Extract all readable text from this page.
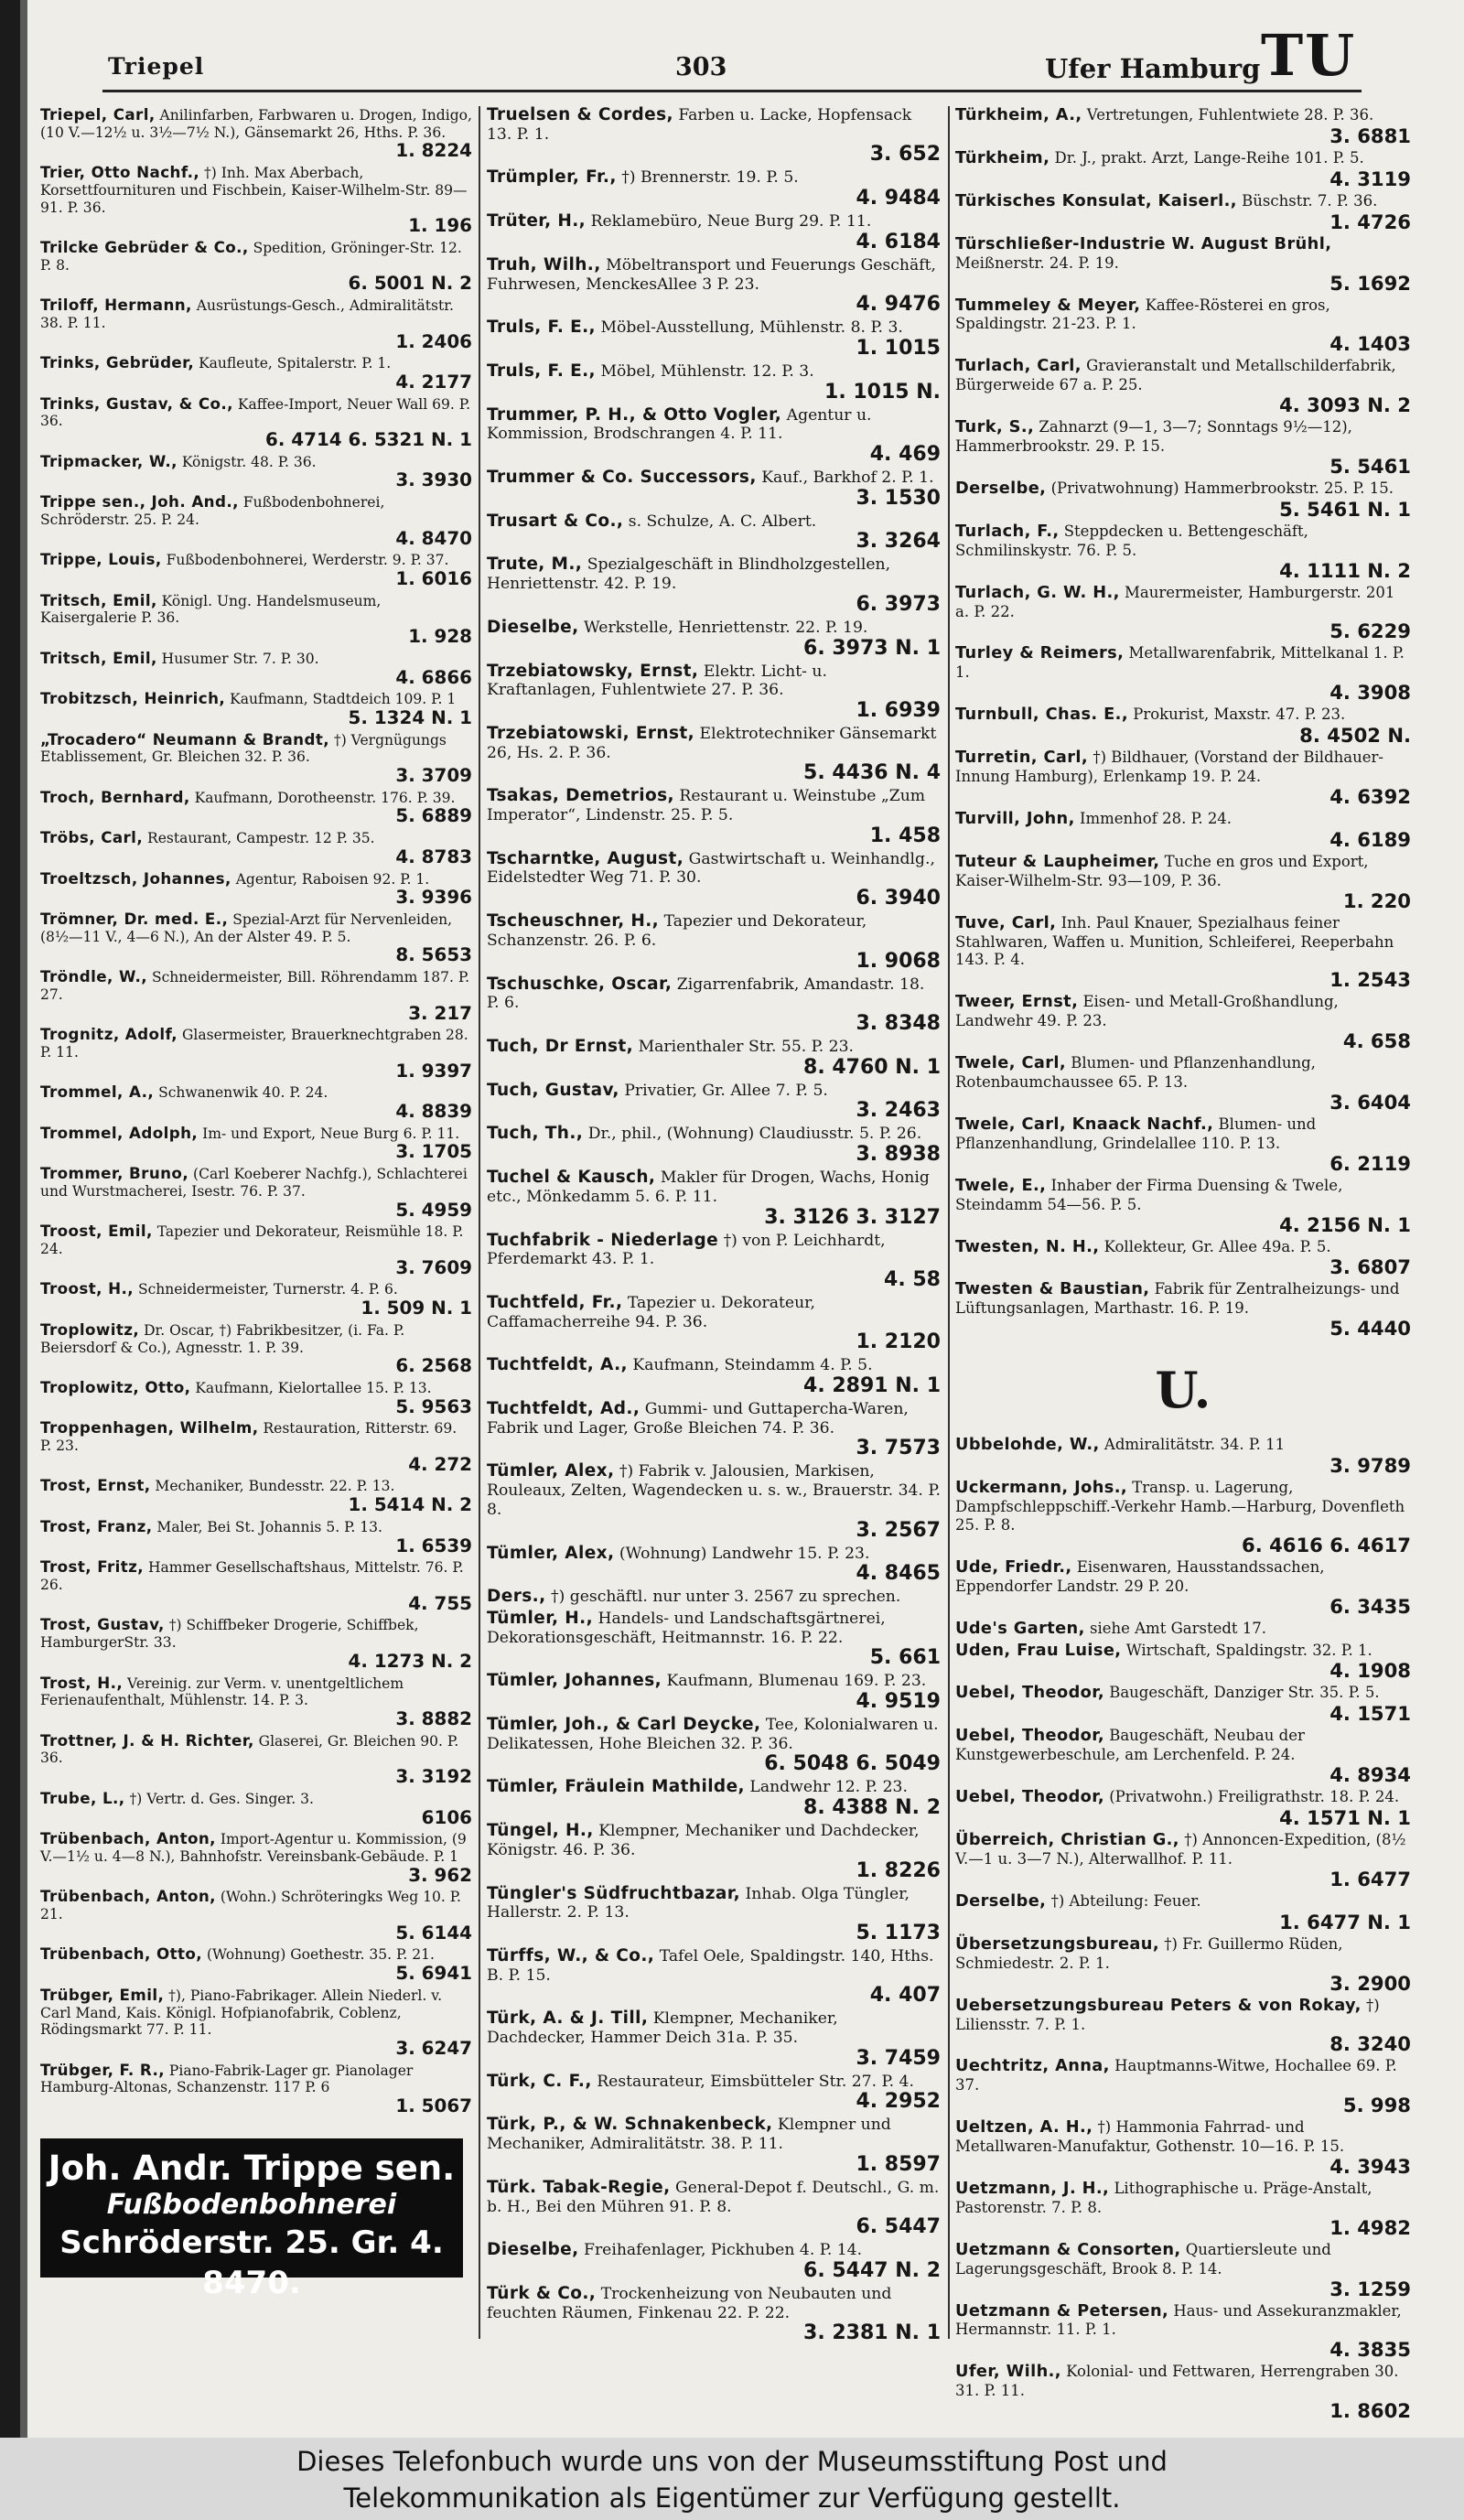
Triepel	303	Ufer Hamburg TU
Triepel, Carl, Anilinfarben, Farbwaren u. Drogen, Indigo, (10 V.—12½ u. 3½—7½ N.), Gänsemarkt 26, Hths. P. 36.
1. 8224
Trier, Otto Nachf., †) Inh. Max Aberbach, Korsettfournituren und Fischbein, Kaiser-Wilhelm-Str. 89—91. P. 36.
1. 196
Trilcke Gebrüder & Co., Spedition, Gröninger-Str. 12. P. 8.
6. 5001 N. 2
Triloff, Hermann, Ausrüstungs-Gesch., Admiralitätstr. 38. P. 11.
1. 2406
Trinks, Gebrüder, Kaufleute, Spitalerstr. P. 1.
4. 2177
Trinks, Gustav, & Co., Kaffee-Import, Neuer Wall 69. P. 36.
6. 4714 6. 5321 N. 1
Tripmacker, W., Königstr. 48. P. 36.
3. 3930
Trippe sen., Joh. And., Fußbodenbohnerei, Schröderstr. 25. P. 24.
4. 8470
Trippe, Louis, Fußbodenbohnerei, Werderstr. 9. P. 37.
1. 6016
Tritsch, Emil, Königl. Ung. Handelsmuseum, Kaisergalerie P. 36.
1. 928
Tritsch, Emil, Husumer Str. 7. P. 30.
4. 6866
Trobitzsch, Heinrich, Kaufmann, Stadtdeich 109. P. 1
5. 1324 N. 1
„Trocadero“ Neumann & Brandt, †) Vergnügungs Etablissement, Gr. Bleichen 32. P. 36.
3. 3709
Troch, Bernhard, Kaufmann, Dorotheenstr. 176. P. 39.
5. 6889
Tröbs, Carl, Restaurant, Campestr. 12 P. 35.
4. 8783
Troeltzsch, Johannes, Agentur, Raboisen 92. P. 1.
3. 9396
Trömner, Dr. med. E., Spezial-Arzt für Nervenleiden, (8½—11 V., 4—6 N.), An der Alster 49. P. 5.
8. 5653
Tröndle, W., Schneidermeister, Bill. Röhrendamm 187. P. 27.
3. 217
Trognitz, Adolf, Glasermeister, Brauerknechtgraben 28. P. 11.
1. 9397
Trommel, A., Schwanenwik 40. P. 24.
4. 8839
Trommel, Adolph, Im- und Export, Neue Burg 6. P. 11.
3. 1705
Trommer, Bruno, (Carl Koeberer Nachfg.), Schlachterei und Wurstmacherei, Isestr. 76. P. 37.
5. 4959
Troost, Emil, Tapezier und Dekorateur, Reismühle 18. P. 24.
3. 7609
Troost, H., Schneidermeister, Turnerstr. 4. P. 6.
1. 509 N. 1
Troplowitz, Dr. Oscar, †) Fabrikbesitzer, (i. Fa. P. Beiersdorf & Co.), Agnesstr. 1. P. 39.
6. 2568
Troplowitz, Otto, Kaufmann, Kielortallee 15. P. 13.
5. 9563
Troppenhagen, Wilhelm, Restauration, Ritterstr. 69. P. 23.
4. 272
Trost, Ernst, Mechaniker, Bundesstr. 22. P. 13.
1. 5414 N. 2
Trost, Franz, Maler, Bei St. Johannis 5. P. 13.
1. 6539
Trost, Fritz, Hammer Gesellschaftshaus, Mittelstr. 76. P. 26.
4. 755
Trost, Gustav, †) Schiffbeker Drogerie, Schiffbek, HamburgerStr. 33.
4. 1273 N. 2
Trost, H., Vereinig. zur Verm. v. unentgeltlichem Ferienaufenthalt, Mühlenstr. 14. P. 3.
3. 8882
Trottner, J. & H. Richter, Glaserei, Gr. Bleichen 90. P. 36.
3. 3192
Trube, L., †) Vertr. d. Ges. Singer. 3.
6106
Trübenbach, Anton, Import-Agentur u. Kommission, (9 V.—1½ u. 4—8 N.), Bahnhofstr. Vereinsbank-Gebäude. P. 1
3. 962
Trübenbach, Anton, (Wohn.) Schröteringks Weg 10. P. 21.
5. 6144
Trübenbach, Otto, (Wohnung) Goethestr. 35. P. 21.
5. 6941
Trübger, Emil, †), Piano-Fabrikager. Allein Niederl. v. Carl Mand, Kais. Königl. Hofpianofabrik, Coblenz, Rödingsmarkt 77. P. 11.
3. 6247
Trübger, F. R., Piano-Fabrik-Lager gr. Pianolager Hamburg-Altonas, Schanzenstr. 117 P. 6
1. 5067
Joh. Andr. Trippe sen.
Fußbodenbohnerei
Schröderstr. 25. Gr. 4. 8470.
Truelsen & Cordes, Farben u. Lacke, Hopfensack 13. P. 1.
3. 652
Trümpler, Fr., †) Brennerstr. 19. P. 5.
4. 9484
Trüter, H., Reklamebüro, Neue Burg 29. P. 11.
4. 6184
Truh, Wilh., Möbeltransport und Feuerungs Geschäft, Fuhrwesen, MenckesAllee 3 P. 23.
4. 9476
Truls, F. E., Möbel-Ausstellung, Mühlenstr. 8. P. 3.
1. 1015
Truls, F. E., Möbel, Mühlenstr. 12. P. 3.
1. 1015 N.
Trummer, P. H., & Otto Vogler, Agentur u. Kommission, Brodschrangen 4. P. 11.
4. 469
Trummer & Co. Successors, Kauf., Barkhof 2. P. 1.
3. 1530
Trusart & Co., s. Schulze, A. C. Albert.
3. 3264
Trute, M., Spezialgeschäft in Blindholzgestellen, Henriettenstr. 42. P. 19.
6. 3973
Dieselbe, Werkstelle, Henriettenstr. 22. P. 19.
6. 3973 N. 1
Trzebiatowsky, Ernst, Elektr. Licht- u. Kraftanlagen, Fuhlentwiete 27. P. 36.
1. 6939
Trzebiatowski, Ernst, Elektrotechniker Gänsemarkt 26, Hs. 2. P. 36.
5. 4436 N. 4
Tsakas, Demetrios, Restaurant u. Weinstube „Zum Imperator“, Lindenstr. 25. P. 5.
1. 458
Tscharntke, August, Gastwirtschaft u. Weinhandlg., Eidelstedter Weg 71. P. 30.
6. 3940
Tscheuschner, H., Tapezier und Dekorateur, Schanzenstr. 26. P. 6.
1. 9068
Tschuschke, Oscar, Zigarrenfabrik, Amandastr. 18. P. 6.
3. 8348
Tuch, Dr Ernst, Marienthaler Str. 55. P. 23.
8. 4760 N. 1
Tuch, Gustav, Privatier, Gr. Allee 7. P. 5.
3. 2463
Tuch, Th., Dr., phil., (Wohnung) Claudiusstr. 5. P. 26.
3. 8938
Tuchel & Kausch, Makler für Drogen, Wachs, Honig etc., Mönkedamm 5. 6. P. 11.
3. 3126 3. 3127
Tuchfabrik - Niederlage †) von P. Leichhardt, Pferdemarkt 43. P. 1.
4. 58
Tuchtfeld, Fr., Tapezier u. Dekorateur, Caffamacherreihe 94. P. 36.
1. 2120
Tuchtfeldt, A., Kaufmann, Steindamm 4. P. 5.
4. 2891 N. 1
Tuchtfeldt, Ad., Gummi- und Guttapercha-Waren, Fabrik und Lager, Große Bleichen 74. P. 36.
3. 7573
Tümler, Alex, †) Fabrik v. Jalousien, Markisen, Rouleaux, Zelten, Wagendecken u. s. w., Brauerstr. 34. P. 8.
3. 2567
Tümler, Alex, (Wohnung) Landwehr 15. P. 23.
4. 8465
Ders., †) geschäftl. nur unter 3. 2567 zu sprechen.
Tümler, H., Handels- und Landschaftsgärtnerei, Dekorationsgeschäft, Heitmannstr. 16. P. 22.
5. 661
Tümler, Johannes, Kaufmann, Blumenau 169. P. 23.
4. 9519
Tümler, Joh., & Carl Deycke, Tee, Kolonialwaren u. Delikatessen, Hohe Bleichen 32. P. 36.
6. 5048 6. 5049
Tümler, Fräulein Mathilde, Landwehr 12. P. 23.
8. 4388 N. 2
Tüngel, H., Klempner, Mechaniker und Dachdecker, Königstr. 46. P. 36.
1. 8226
Tüngler's Südfruchtbazar, Inhab. Olga Tüngler, Hallerstr. 2. P. 13.
5. 1173
Türffs, W., & Co., Tafel Oele, Spaldingstr. 140, Hths. B. P. 15.
4. 407
Türk, A. & J. Till, Klempner, Mechaniker, Dachdecker, Hammer Deich 31a. P. 35.
3. 7459
Türk, C. F., Restaurateur, Eimsbütteler Str. 27. P. 4.
4. 2952
Türk, P., & W. Schnakenbeck, Klempner und Mechaniker, Admiralitätstr. 38. P. 11.
1. 8597
Türk. Tabak-Regie, General-Depot f. Deutschl., G. m. b. H., Bei den Mühren 91. P. 8.
6. 5447
Dieselbe, Freihafenlager, Pickhuben 4. P. 14.
6. 5447 N. 2
Türk & Co., Trockenheizung von Neubauten und feuchten Räumen, Finkenau 22. P. 22.
3. 2381 N. 1
Türkheim, A., Vertretungen, Fuhlentwiete 28. P. 36.
3. 6881
Türkheim, Dr. J., prakt. Arzt, Lange-Reihe 101. P. 5.
4. 3119
Türkisches Konsulat, Kaiserl., Büschstr. 7. P. 36.
1. 4726
Türschließer-Industrie W. August Brühl, Meißnerstr. 24. P. 19.
5. 1692
Tummeley & Meyer, Kaffee-Rösterei en gros, Spaldingstr. 21-23. P. 1.
4. 1403
Turlach, Carl, Gravieranstalt und Metallschilderfabrik, Bürgerweide 67 a. P. 25.
4. 3093 N. 2
Turk, S., Zahnarzt (9—1, 3—7; Sonntags 9½—12), Hammerbrookstr. 29. P. 15.
5. 5461
Derselbe, (Privatwohnung) Hammerbrookstr. 25. P. 15.
5. 5461 N. 1
Turlach, F., Steppdecken u. Bettengeschäft, Schmilinskystr. 76. P. 5.
4. 1111 N. 2
Turlach, G. W. H., Maurermeister, Hamburgerstr. 201 a. P. 22.
5. 6229
Turley & Reimers, Metallwarenfabrik, Mittelkanal 1. P. 1.
4. 3908
Turnbull, Chas. E., Prokurist, Maxstr. 47. P. 23.
8. 4502 N.
Turretin, Carl, †) Bildhauer, (Vorstand der Bildhauer-Innung Hamburg), Erlenkamp 19. P. 24.
4. 6392
Turvill, John, Immenhof 28. P. 24.
4. 6189
Tuteur & Laupheimer, Tuche en gros und Export, Kaiser-Wilhelm-Str. 93—109, P. 36.
1. 220
Tuve, Carl, Inh. Paul Knauer, Spezialhaus feiner Stahlwaren, Waffen u. Munition, Schleiferei, Reeperbahn 143. P. 4.
1. 2543
Tweer, Ernst, Eisen- und Metall-Großhandlung, Landwehr 49. P. 23.
4. 658
Twele, Carl, Blumen- und Pflanzenhandlung, Rotenbaumchaussee 65. P. 13.
3. 6404
Twele, Carl, Knaack Nachf., Blumen- und Pflanzenhandlung, Grindelallee 110. P. 13.
6. 2119
Twele, E., Inhaber der Firma Duensing & Twele, Steindamm 54—56. P. 5.
4. 2156 N. 1
Twesten, N. H., Kollekteur, Gr. Allee 49a. P. 5.
3. 6807
Twesten & Baustian, Fabrik für Zentralheizungs- und Lüftungsanlagen, Marthastr. 16. P. 19.
5. 4440
U.
Ubbelohde, W., Admiralitätstr. 34. P. 11
3. 9789
Uckermann, Johs., Transp. u. Lagerung, Dampfschleppschiff.-Verkehr Hamb.—Harburg, Dovenfleth 25. P. 8.
6. 4616 6. 4617
Ude, Friedr., Eisenwaren, Hausstandssachen, Eppendorfer Landstr. 29 P. 20.
6. 3435
Ude's Garten, siehe Amt Garstedt 17.
Uden, Frau Luise, Wirtschaft, Spaldingstr. 32. P. 1.
4. 1908
Uebel, Theodor, Baugeschäft, Danziger Str. 35. P. 5.
4. 1571
Uebel, Theodor, Baugeschäft, Neubau der Kunstgewerbeschule, am Lerchenfeld. P. 24.
4. 8934
Uebel, Theodor, (Privatwohn.) Freiligrathstr. 18. P. 24.
4. 1571 N. 1
Überreich, Christian G., †) Annoncen-Expedition, (8½ V.—1 u. 3—7 N.), Alterwallhof. P. 11.
1. 6477
Derselbe, †) Abteilung: Feuer.
1. 6477 N. 1
Übersetzungsbureau, †) Fr. Guillermo Rüden, Schmiedestr. 2. P. 1.
3. 2900
Uebersetzungsbureau Peters & von Rokay, †) Liliensstr. 7. P. 1.
8. 3240
Uechtritz, Anna, Hauptmanns-Witwe, Hochallee 69. P. 37.
5. 998
Ueltzen, A. H., †) Hammonia Fahrrad- und Metallwaren-Manufaktur, Gothenstr. 10—16. P. 15.
4. 3943
Uetzmann, J. H., Lithographische u. Präge-Anstalt, Pastorenstr. 7. P. 8.
1. 4982
Uetzmann & Consorten, Quartiersleute und Lagerungsgeschäft, Brook 8. P. 14.
3. 1259
Uetzmann & Petersen, Haus- und Assekuranzmakler, Hermannstr. 11. P. 1.
4. 3835
Ufer, Wilh., Kolonial- und Fettwaren, Herrengraben 30. 31. P. 11.
1. 8602
Dieses Telefonbuch wurde uns von der Museumsstiftung Post und
Telekommunikation als Eigentümer zur Verfügung gestellt.
